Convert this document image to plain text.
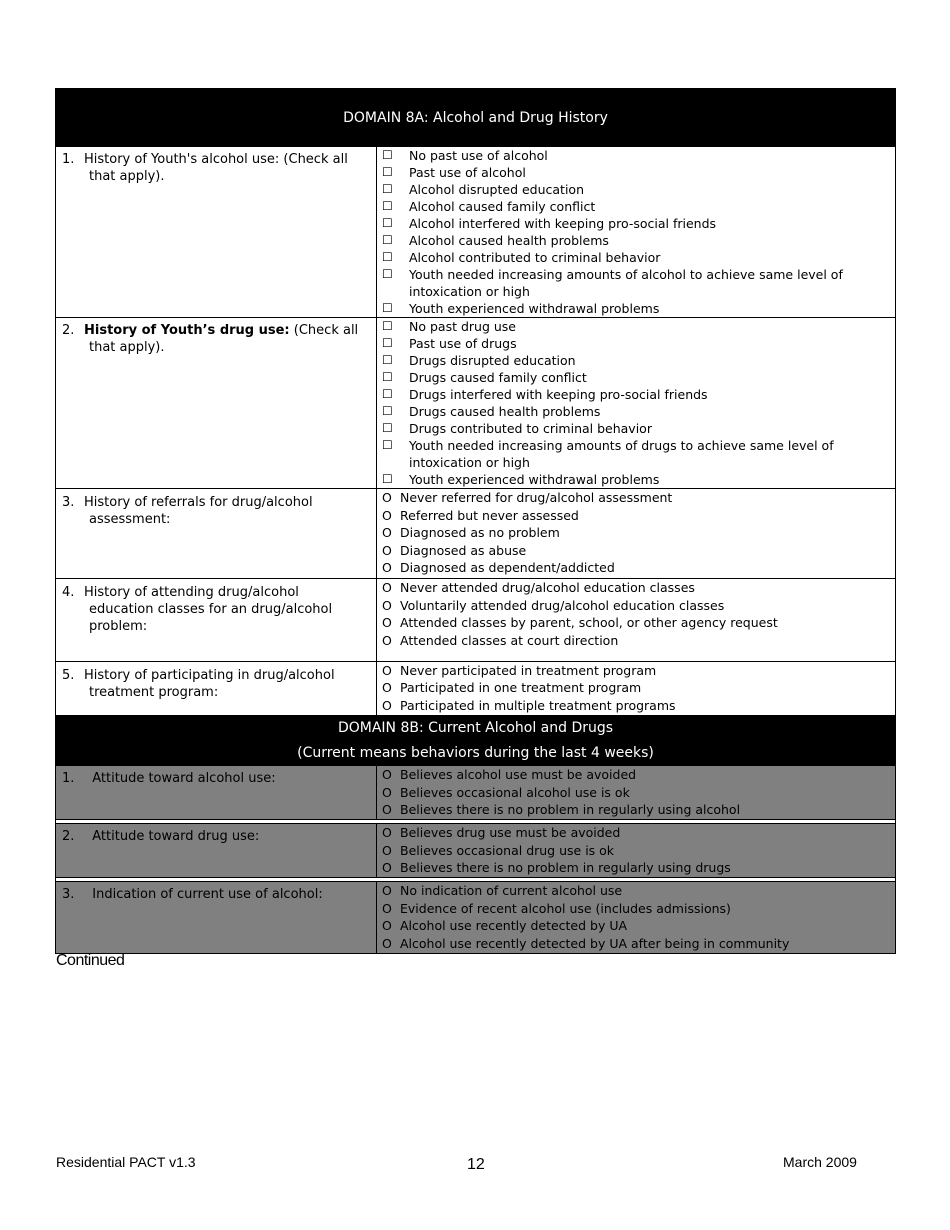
DOMAIN 8A: Alcohol and Drug History
1. History of Youth's alcohol use: (Check all
that apply).
☐	No past use of alcohol
☐	Past use of alcohol
☐	Alcohol disrupted education
☐	Alcohol caused family conflict
☐	Alcohol interfered with keeping pro-social friends
☐	Alcohol caused health problems
☐	Alcohol contributed to criminal behavior
☐	Youth needed increasing amounts of alcohol to achieve same level of intoxication or high
☐	Youth experienced withdrawal problems
2. History of Youth’s drug use: (Check all
that apply).
☐	No past drug use
☐	Past use of drugs
☐	Drugs disrupted education
☐	Drugs caused family conflict
☐	Drugs interfered with keeping pro-social friends
☐	Drugs caused health problems
☐	Drugs contributed to criminal behavior
☐	Youth needed increasing amounts of drugs to achieve same level of intoxication or high
☐	Youth experienced withdrawal problems
3. History of referrals for drug/alcohol
assessment:
O Never referred for drug/alcohol assessment
O Referred but never assessed
O Diagnosed as no problem
O Diagnosed as abuse
O Diagnosed as dependent/addicted
4. History of attending drug/alcohol
education classes for an drug/alcohol
problem:
O Never attended drug/alcohol education classes
O Voluntarily attended drug/alcohol education classes
O Attended classes by parent, school, or other agency request
O Attended classes at court direction
5. History of participating in drug/alcohol
treatment program:
O Never participated in treatment program
O Participated in one treatment program
O Participated in multiple treatment programs
DOMAIN 8B: Current Alcohol and Drugs
(Current means behaviors during the last 4 weeks)
1. Attitude toward alcohol use:	O Believes alcohol use must be avoided
O Believes occasional alcohol use is ok
O Believes there is no problem in regularly using alcohol
2. Attitude toward drug use:	O Believes drug use must be avoided
O Believes occasional drug use is ok
O Believes there is no problem in regularly using drugs
3. Indication of current use of alcohol:	O No indication of current alcohol use
O Evidence of recent alcohol use (includes admissions)
O Alcohol use recently detected by UA
O Alcohol use recently detected by UA after being in community
Continued
Residential PACT v1.3	12	March 2009
